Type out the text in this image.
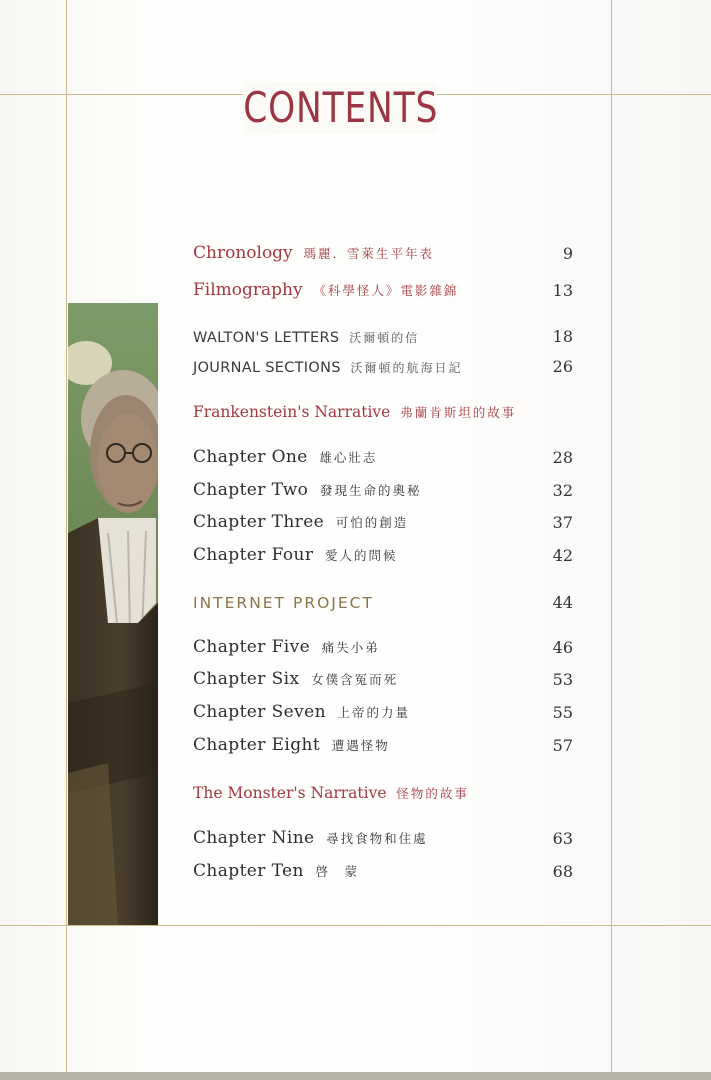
CONTENTS
Chronology 瑪麗．雪萊生平年表	9
Filmography 《科學怪人》電影雜錦	13
WALTON'S LETTERS 沃爾頓的信	18
JOURNAL SECTIONS 沃爾頓的航海日記	26
Frankenstein's Narrative 弗蘭肯斯坦的故事
Chapter One 雄心壯志	28
Chapter Two 發現生命的奧秘	32
Chapter Three 可怕的創造	37
Chapter Four 愛人的問候	42
INTERNET PROJECT	44
Chapter Five 痛失小弟	46
Chapter Six 女僕含冤而死	53
Chapter Seven 上帝的力量	55
Chapter Eight 遭遇怪物	57
The Monster's Narrative 怪物的故事
Chapter Nine 尋找食物和住處	63
Chapter Ten 啓　蒙	68
